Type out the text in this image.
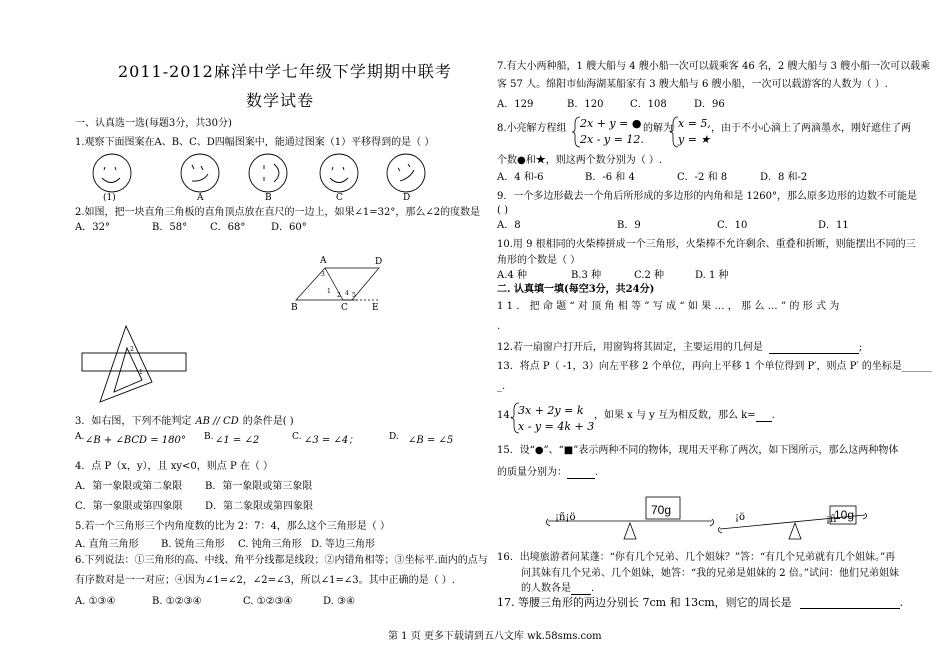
2011-2012麻洋中学七年级下学期期中联考
数学试卷
一、认真选一选(每题3分，共30分)
1.观察下面图案在A、B、C、D四幅图案中，能通过图案（1）平移得到的是（ ）
(1)	A	B	C	D
2.如图，把一块直角三角板的直角顶点放在直尺的一边上，如果∠1=32°，那么∠2的度数是
A．32°	B．58° C．68°	D．60°
A	D
B	C	E
3
2 4 5
1
2
1
3．如右图，下列不能判定 AB // CD 的条件是( )
A. ∠B + ∠BCD = 180° B. ∠1 = ∠2	C. ∠3 = ∠4；	D. ∠B = ∠5
4．点 P（x，y），且 xy<0，则点 P 在（ ）
A．第一象限或第二象限 B．第一象限或第三象限
C．第一象限或第四象限 D．第二象限或第四象限
5.若一个三角形三个内角度数的比为 2：7：4，那么这个三角形是（ ）
A. 直角三角形 B. 锐角三角形 C. 钝角三角形 D. 等边三角形
6.下列说法：①三角形的高、中线、角平分线都是线段；②内错角相等；③坐标平.面内的点与
有序数对是一一对应；④因为∠1=∠2，∠2=∠3，所以∠1=∠3。其中正确的是（ ）.
A. ①③④	B. ①②③④	C. ①②③④	D. ③④
7.有大小两种船，1 艘大船与 4 艘小船一次可以载乘客 46 名，2 艘大船与 3 艘小船一次可以载乘
客 57 人。绵阳市仙海湖某船家有 3 艘大船与 6 艘小船，一次可以载游客的人数为（ ）.
A．129	B．120	C．108	D．96
8.小亮解方程组 2x + y = ●
2x - y = 12.
的解为 x = 5,
y = ★
，由于不小心滴上了两滴墨水，刚好遮住了两
个数●和★，则这两个数分别为（ ）.
A．4 和-6	B．-6 和 4	C．-2 和 8	D．8 和-2
9．一个多边形截去一个角后所形成的多边形的内角和是 1260°，那么原多边形的边数不可能是
( )
A．8	B．9	C．10	D．11
10.用 9 根相同的火柴棒拼成一个三角形，火柴棒不允许剩余、重叠和折断，则能摆出不同的三
角形的个数是（ ）
A.4 种	B.3 种	C.2 种	D. 1 种
二. 认真填一填(每空3分，共24分)
11．把命题“对顶角相等”写成“如果…，那么…”的形式为
.
12.若一扇窗户打开后，用窗钩将其固定，主要运用的几何是	;
13．将点 P（ -1，3）向左平移 2 个单位，再向上平移 1 个单位得到 P′，则点 P′ 的坐标是______
_.
14. 3x + 2y = k
x - y = 4k + 3
，如果 x 与 y 互为相反数，那么 k= .
15．设“●”、“■”表示两种不同的物体，现用天平称了两次，如下图所示，那么这两种物体
的质量分别为：	.
¡ñ¡ö
70g
¡ö	¡ñ
10g
16．出境旅游者问某蓬：“你有几个兄弟、几个姐妹？”答：“有几个兄弟就有几个姐妹。”再
问其妹有几个兄弟、几个姐妹，她答：“我的兄弟是姐妹的 2 倍。”试问：他们兄弟姐妹
的人数各是 .
17. 等腰三角形的两边分别长 7cm 和 13cm，则它的周长是	.
第 1 页 更多下载请到五八文库 wk.58sms.com
